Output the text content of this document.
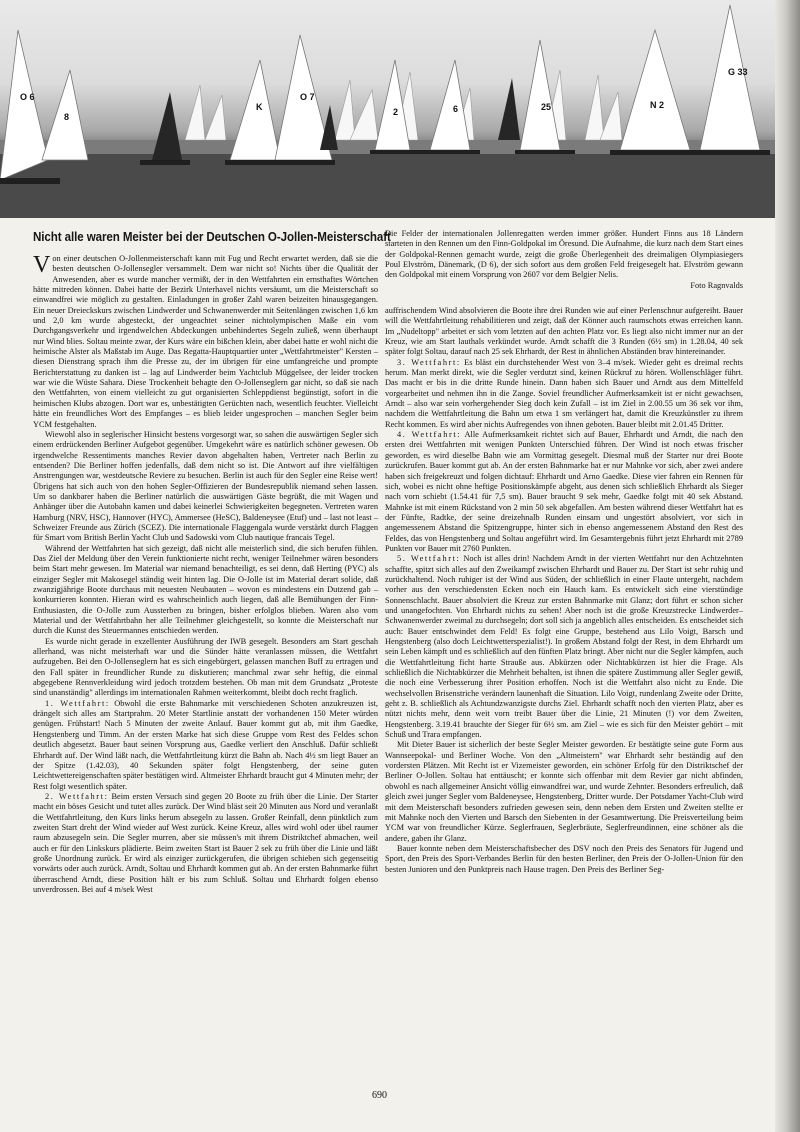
O 6
8
O 7
K	2	6	25	N 2
G 33
Nicht alle waren Meister bei der Deutschen O-Jollen-Meisterschaft

Die Felder der internationalen Jollenregatten werden immer größer. Hundert Finns aus 18 Ländern starteten in den Rennen um den Finn-Goldpokal im Öresund. Die Aufnahme, die kurz nach dem Start eines der Goldpokal-Rennen gemacht wurde, zeigt die große Überlegenheit des dreimaligen Olympiasiegers Poul Elvström, Dänemark, (D 6), der sich sofort aus dem großen Feld freigesegelt hat. Elvström gewann den Goldpokal mit einem Vorsprung von 2607 vor dem Belgier Nelis.

Foto Ragnvalds

Von einer deutschen O-Jollenmeisterschaft kann mit Fug und Recht erwartet werden, daß sie die besten deutschen O-Jollensegler versammelt. Dem war nicht so! Nichts über die Qualität der Anwesenden, aber es wurde mancher vermißt, der in den Wettfahrten ein ernsthaftes Wörtchen hätte mitreden können. Dabei hatte der Bezirk Unterhavel nichts versäumt, um die Meisterschaft so einwandfrei wie möglich zu gestalten. Einladungen in großer Zahl waren beizeiten hinausgegangen. Ein neuer Dreieckskurs zwischen Lindwerder und Schwanenwerder mit Seitenlängen zwischen 1,6 km und 2,0 km wurde abgesteckt, der ungeachtet seiner nichtolympischen Maße ein vom Durchgangsverkehr und irgendwelchen Abdeckungen unbehindertes Segeln zuließ, wenn überhaupt nur Wind blies. Soltau meinte zwar, der Kurs wäre ein bißchen klein, aber dabei hatte er wohl nicht die heimische Alster als Maßstab im Auge. Das Regatta-Hauptquartier unter „Wettfahrtmeister" Kersten – diesen Dienstrang sprach ihm die Presse zu, der im übrigen für eine umfangreiche und prompte Berichterstattung zu danken ist – lag auf Lindwerder beim Yachtclub Müggelsee, der leider trocken war wie die Wüste Sahara. Diese Trockenheit behagte den O-Jollenseglern gar nicht, so daß sie nach den Wettfahrten, von einem vielleicht zu gut organisierten Schleppdienst begünstigt, sofort in die heimischen Klubs abzogen. Dort war es, unbestätigten Gerüchten nach, wesentlich feuchter. Vielleicht hätte ein freundliches Wort des Empfanges – es blieb leider ungesprochen – manchen Segler beim YCM festgehalten.

Wiewohl also in seglerischer Hinsicht bestens vorgesorgt war, so sahen die auswärtigen Segler sich einem erdrückenden Berliner Aufgebot gegenüber. Umgekehrt wäre es natürlich schöner gewesen. Ob irgendwelche Ressentiments manches Revier davon abgehalten haben, Vertreter nach Berlin zu entsenden? Die Berliner hoffen jedenfalls, daß dem nicht so ist. Die Antwort auf ihre vielfältigen Anstrengungen war, westdeutsche Reviere zu besuchen. Berlin ist auch für den Segler eine Reise wert! Übrigens hat sich auch von den hohen Segler-Offizieren der Bundesrepublik niemand sehen lassen. Um so dankbarer haben die Berliner natürlich die auswärtigen Gäste begrüßt, die mit Wagen und Anhänger über die Autobahn kamen und dabei keinerlei Schwierigkeiten begegneten. Vertreten waren Hamburg (NRV, HSC), Hannover (HYC), Ammersee (HeSC), Baldeneysee (Etuf) und – last not least – Schweizer Freunde aus Zürich (SCEZ). Die internationale Flaggengala wurde verstärkt durch Flaggen für Smart vom British Berlin Yacht Club und Sadowski vom Club nautique francais Tegel.

Während der Wettfahrten hat sich gezeigt, daß nicht alle meisterlich sind, die sich berufen fühlen. Das Ziel der Meldung über den Verein funktionierte nicht recht, weniger Teilnehmer wären besonders beim Start mehr gewesen. Im Material war niemand benachteiligt, es sei denn, daß Herting (PYC) als einziger Segler mit Makosegel ständig weit hinten lag. Die O-Jolle ist im Material derart solide, daß zwanzigjährige Boote durchaus mit neuesten Neubauten – wovon es mindestens ein Dutzend gab – konkurrieren konnten. Hieran wird es wahrscheinlich auch liegen, daß alle Bemühungen der Finn-Enthusiasten, die O-Jolle zum Aussterben zu bringen, bisher erfolglos blieben. Waren also vom Material und der Wettfahrtbahn her alle Teilnehmer gleichgestellt, so konnte die Meisterschaft nur durch die Kunst des Steuermannes entschieden werden.

Es wurde nicht gerade in exzellenter Ausführung der IWB gesegelt. Besonders am Start geschah allerhand, was nicht meisterhaft war und die Sünder hätte veranlassen müssen, die Wettfahrt aufzugeben. Bei den O-Jollenseglern hat es sich eingebürgert, gelassen manchen Buff zu ertragen und den Fall später in freundlicher Runde zu diskutieren; manchmal zwar sehr heftig, die einmal abgegebene Rennverkleidung wird jedoch trotzdem bestehen. Ob man mit dem Grundsatz „Proteste sind unanständig" allerdings im internationalen Rahmen weiterkommt, bleibt doch recht fraglich.

1. Wettfahrt: Obwohl die erste Bahnmarke mit verschiedenen Schoten anzukreuzen ist, drängelt sich alles am Startprahm. 20 Meter Startlinie anstatt der vorhandenen 150 Meter würden genügen. Frühstart! Nach 5 Minuten der zweite Anlauf. Bauer kommt gut ab, mit ihm Gaedke, Hengstenberg und Timm. An der ersten Marke hat sich diese Gruppe vom Rest des Feldes schon deutlich abgesetzt. Bauer baut seinen Vorsprung aus, Gaedke verliert den Anschluß. Dafür schließt Ehrhardt auf. Der Wind läßt nach, die Wettfahrtleitung kürzt die Bahn ab. Nach 4½ sm liegt Bauer an der Spitze (1.42.03), 40 Sekunden später folgt Hengstenberg, der seine guten Leichtwettereigenschaften später bestätigen wird. Altmeister Ehrhardt braucht gut 4 Minuten mehr; der Rest folgt wesentlich später.

2. Wettfahrt: Beim ersten Versuch sind gegen 20 Boote zu früh über die Linie. Der Starter macht ein böses Gesicht und tutet alles zurück. Der Wind bläst seit 20 Minuten aus Nord und veranlaßt die Wettfahrtleitung, den Kurs links herum absegeln zu lassen. Großer Reinfall, denn pünktlich zum zweiten Start dreht der Wind wieder auf West zurück. Keine Kreuz, alles wird wohl oder übel raumer raum abzusegeln sein. Die Segler murren, aber sie müssen's mit ihrem Distriktchef abmachen, weil auch er für den Linkskurs plädierte. Beim zweiten Start ist Bauer 2 sek zu früh über die Linie und läßt große Unordnung zurück. Er wird als einziger zurückgerufen, die übrigen schieben sich gegenseitig vorwärts oder auch zurück. Arndt, Soltau und Ehrhardt kommen gut ab. An der ersten Bahnmarke führt überraschend Arndt, diese Position hält er bis zum Schluß. Soltau und Ehrhardt folgen ebenso unverdrossen. Bei auf 4 m/sek West

auffrischendem Wind absolvieren die Boote ihre drei Runden wie auf einer Perlenschnur aufgereiht. Bauer will die Wettfahrtleitung rehabilitieren und zeigt, daß der Könner auch raumschots etwas erreichen kann. Im „Nudeltopp" arbeitet er sich vom letzten auf den achten Platz vor. Es liegt also nicht immer nur an der Kreuz, wie am Start lauthals verkündet wurde. Arndt schafft die 3 Runden (6½ sm) in 1.28.04, 40 sek später folgt Soltau, darauf nach 25 sek Ehrhardt, der Rest in ähnlichen Abständen brav hintereinander.

3. Wettfahrt: Es bläst ein durchstehender West von 3–4 m/sek. Wieder geht es dreimal rechts herum. Man merkt direkt, wie die Segler verdutzt sind, keinen Rückruf zu hören. Wollenschläger führt. Das macht er bis in die dritte Runde hinein. Dann haben sich Bauer und Arndt aus dem Mittelfeld vorgearbeitet und nehmen ihn in die Zange. Soviel freundlicher Aufmerksamkeit ist er nicht gewachsen, Arndt – also war sein vorhergehender Sieg doch kein Zufall – ist im Ziel in 2.00.55 um 36 sek vor ihm, nachdem die Wettfahrtleitung die Bahn um etwa 1 sm verlängert hat, damit die Kreuzkünstler zu ihrem Recht kommen. Es wird aber nichts Aufregendes von ihnen geboten. Bauer bleibt mit 2.01.45 Dritter.

4. Wettfahrt: Alle Aufmerksamkeit richtet sich auf Bauer, Ehrhardt und Arndt, die nach den ersten drei Wettfahrten mit wenigen Punkten Unterschied führen. Der Wind ist noch etwas frischer geworden, es wird dieselbe Bahn wie am Vormittag gesegelt. Diesmal muß der Starter nur drei Boote zurückrufen. Bauer kommt gut ab. An der ersten Bahnmarke hat er nur Mahnke vor sich, aber zwei andere haben sich freigekreuzt und folgen dichtauf: Ehrhardt und Arno Gaedke. Diese vier fahren ein Rennen für sich, wobei es nicht ohne heftige Positionskämpfe abgeht, aus denen sich schließlich Ehrhardt als Sieger nach vorn schiebt (1.54.41 für 7,5 sm). Bauer braucht 9 sek mehr, Gaedke folgt mit 40 sek Abstand. Mahnke ist mit einem Rückstand von 2 min 50 sek abgefallen. Am besten während dieser Wettfahrt hat es der Fünfte, Radtke, der seine dreizehnalb Runden einsam und ungestört absolviert, vor sich in angemessenem Abstand die Spitzengruppe, hinter sich in ebenso angemessenem Abstand den Rest des Feldes, das von Hengstenberg und Soltau angeführt wird. Im Gesamtergebnis führt jetzt Ehrhardt mit 2789 Punkten vor Bauer mit 2760 Punkten.

5. Wettfahrt: Noch ist alles drin! Nachdem Arndt in der vierten Wettfahrt nur den Achtzehnten schaffte, spitzt sich alles auf den Zweikampf zwischen Ehrhardt und Bauer zu. Der Start ist sehr ruhig und zurückhaltend. Noch ruhiger ist der Wind aus Süden, der schließlich in einer Flaute untergeht, nachdem vorher aus den verschiedensten Ecken noch ein Hauch kam. Es entwickelt sich eine vierstündige Sonnenschlacht. Bauer absolviert die Kreuz zur ersten Bahnmarke mit Glanz; dort führt er schon sicher und unangefochten. Von Ehrhardt nichts zu sehen! Aber noch ist die große Kreuzstrecke Lindwerder–Schwanenwerder zweimal zu durchsegeln; dort soll sich ja angeblich alles entscheiden. Es entscheidet sich auch: Bauer entschwindet dem Feld! Es folgt eine Gruppe, bestehend aus Lilo Voigt, Barsch und Hengstenberg (also doch Leichtwetterspezialist!). In großem Abstand folgt der Rest, in dem Ehrhardt um sein Leben kämpft und es schließlich auf den fünften Platz bringt. Aber nicht nur die Segler kämpfen, auch die Wettfahrtleitung ficht harte Strauße aus. Abkürzen oder Nichtabkürzen ist hier die Frage. Als schließlich die Nichtabkürzer die Mehrheit behalten, ist ihnen die spätere Zustimmung aller Segler gewiß, die noch eine Verbesserung ihrer Position erhoffen. Noch ist die Wettfahrt also nicht zu Ende. Die wechselvollen Brisenstriche verändern launenhaft die Situation. Lilo Voigt, rundenlang Zweite oder Dritte, geht z. B. schließlich als Achtundzwanzigste durchs Ziel. Ehrhardt schafft noch den vierten Platz, aber es nützt nichts mehr, denn weit vorn treibt Bauer über die Linie, 21 Minuten (!) vor dem Zweiten, Hengstenberg. 3.19.41 brauchte der Sieger für 6½ sm. am Ziel – wie es sich für den Meister gehört – mit Schuß und Trara empfangen.

Mit Dieter Bauer ist sicherlich der beste Segler Meister geworden. Er bestätigte seine gute Form aus Wannseepokal- und Berliner Woche. Von den „Altmeistern" war Ehrhardt sehr beständig auf den vordersten Plätzen. Mit Recht ist er Vizemeister geworden, ein schöner Erfolg für den Distriktschef der Berliner O-Jollen. Soltau hat enttäuscht; er konnte sich offenbar mit dem Revier gar nicht abfinden, obwohl es nach allgemeiner Ansicht völlig einwandfrei war, und wurde Zehnter. Besonders erfreulich, daß gleich zwei junger Segler vom Baldeneysee, Hengstenberg, Dritter wurde. Der Potsdamer Yacht-Club wird mit dem Meisterschaft besonders zufrieden gewesen sein, denn neben dem Ersten und Zweiten stellte er mit Mahnke noch den Vierten und Barsch den Siebenten in der Gesamtwertung. Die Preisverteilung beim YCM war von freundlicher Kürze. Seglerfrauen, Seglerbräute, Seglerfreundinnen, eine schöner als die andere, gaben ihr Glanz.

Bauer konnte neben dem Meisterschaftsbecher des DSV noch den Preis des Senators für Jugend und Sport, den Preis des Sport-Verbandes Berlin für den besten Berliner, den Preis der O-Jollen-Union für den besten Junioren und den Punktpreis nach Hause tragen. Den Preis des Berliner Seg-

690
